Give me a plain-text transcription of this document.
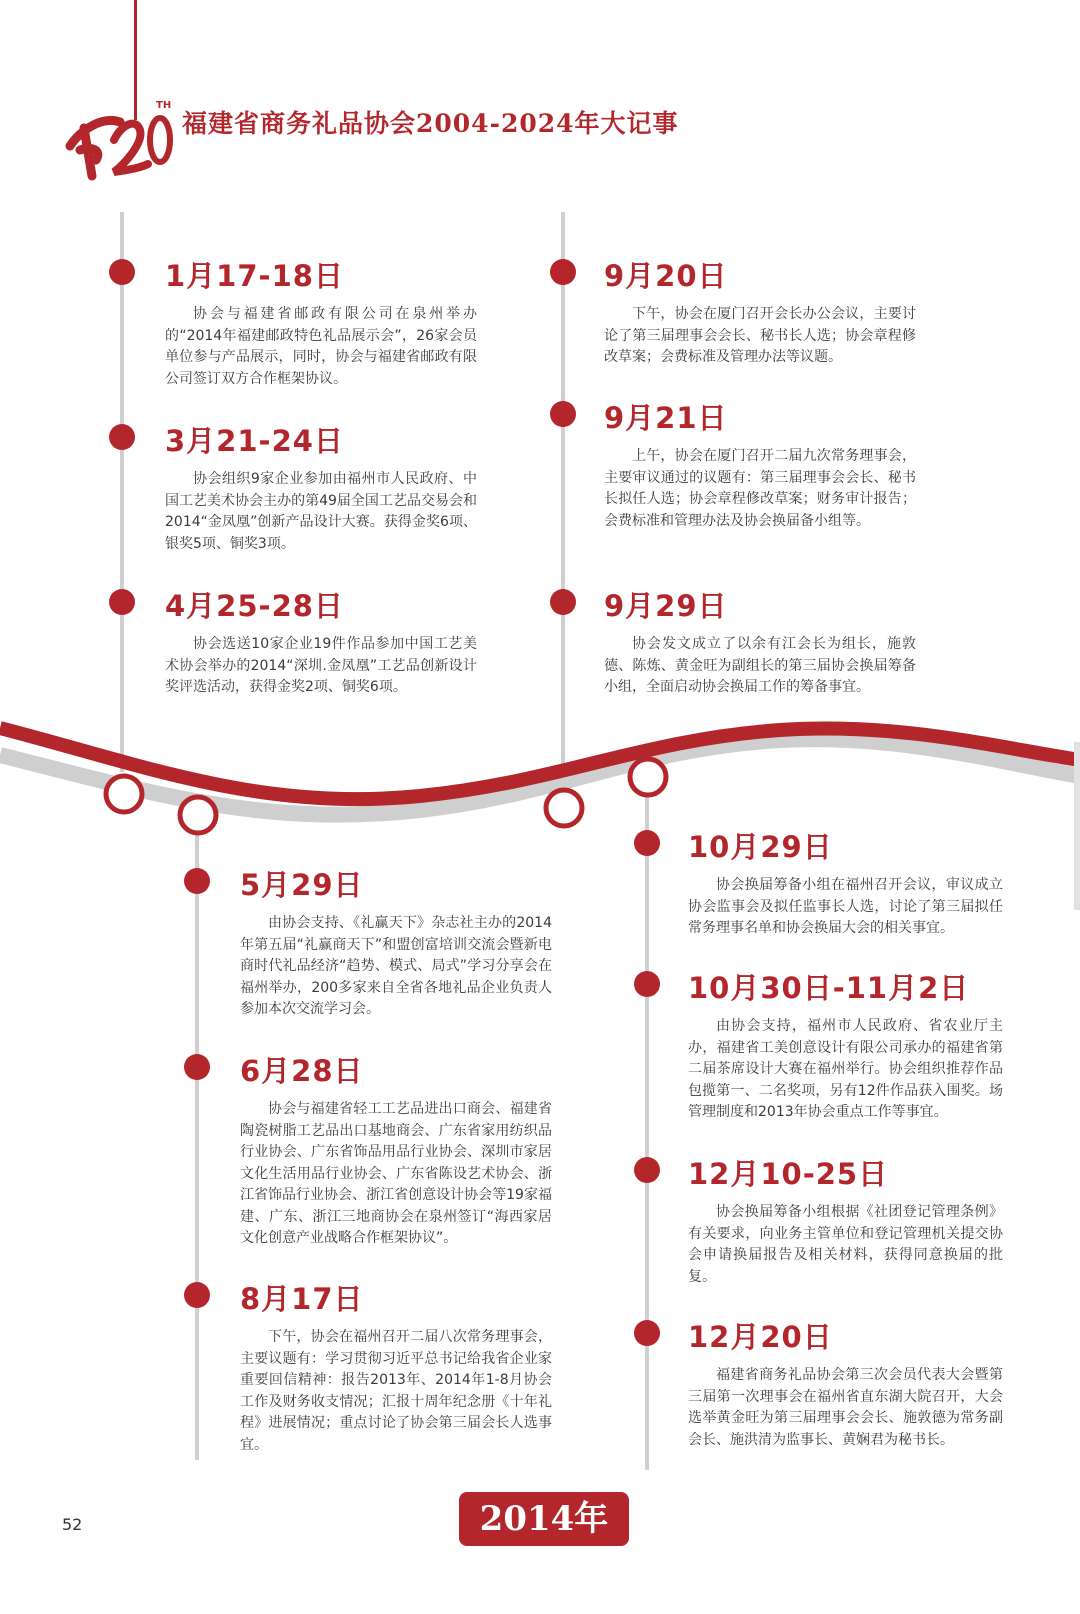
TH
福建省商务礼品协会2004-2024年大记事
1月17-18日
协会与福建省邮政有限公司在泉州举办的“2014年福建邮政特色礼品展示会”，26家会员单位参与产品展示，同时，协会与福建省邮政有限公司签订双方合作框架协议。
3月21-24日
协会组织9家企业参加由福州市人民政府、中国工艺美术协会主办的第49届全国工艺品交易会和2014“金凤凰”创新产品设计大赛。获得金奖6项、银奖5项、铜奖3项。
4月25-28日
协会选送10家企业19件作品参加中国工艺美术协会举办的2014“深圳.金凤凰”工艺品创新设计奖评选活动，获得金奖2项、铜奖6项。
9月20日
下午，协会在厦门召开会长办公会议，主要讨论了第三届理事会会长、秘书长人选；协会章程修改草案；会费标准及管理办法等议题。
9月21日
上午，协会在厦门召开二届九次常务理事会，主要审议通过的议题有：第三届理事会会长、秘书长拟任人选；协会章程修改草案；财务审计报告；会费标准和管理办法及协会换届备小组等。
9月29日
协会发文成立了以余有江会长为组长，施敦德、陈炼、黄金旺为副组长的第三届协会换届筹备小组，全面启动协会换届工作的筹备事宜。
5月29日
由协会支持、《礼赢天下》杂志社主办的2014年第五届“礼赢商天下”和盟创富培训交流会暨新电商时代礼品经济“趋势、模式、局式”学习分享会在福州举办，200多家来自全省各地礼品企业负责人参加本次交流学习会。
6月28日
协会与福建省轻工工艺品进出口商会、福建省陶瓷树脂工艺品出口基地商会、广东省家用纺织品行业协会、广东省饰品用品行业协会、深圳市家居文化生活用品行业协会、广东省陈设艺术协会、浙江省饰品行业协会、浙江省创意设计协会等19家福建、广东、浙江三地商协会在泉州签订“海西家居文化创意产业战略合作框架协议”。
8月17日
下午，协会在福州召开二届八次常务理事会，主要议题有：学习贯彻习近平总书记给我省企业家重要回信精神：报告2013年、2014年1-8月协会工作及财务收支情况；汇报十周年纪念册《十年礼程》进展情况；重点讨论了协会第三届会长人选事宜。
10月29日
协会换届筹备小组在福州召开会议，审议成立协会监事会及拟任监事长人选，讨论了第三届拟任常务理事名单和协会换届大会的相关事宜。
10月30日-11月2日
由协会支持，福州市人民政府、省农业厅主办，福建省工美创意设计有限公司承办的福建省第二届茶席设计大赛在福州举行。协会组织推荐作品包揽第一、二名奖项，另有12件作品获入围奖。场管理制度和2013年协会重点工作等事宜。
12月10-25日
协会换届筹备小组根据《社团登记管理条例》有关要求，向业务主管单位和登记管理机关提交协会申请换届报告及相关材料，获得同意换届的批复。
12月20日
福建省商务礼品协会第三次会员代表大会暨第三届第一次理事会在福州省直东湖大院召开，大会选举黄金旺为第三届理事会会长、施敦德为常务副会长、施洪清为监事长、黄娴君为秘书长。
52	2014年
